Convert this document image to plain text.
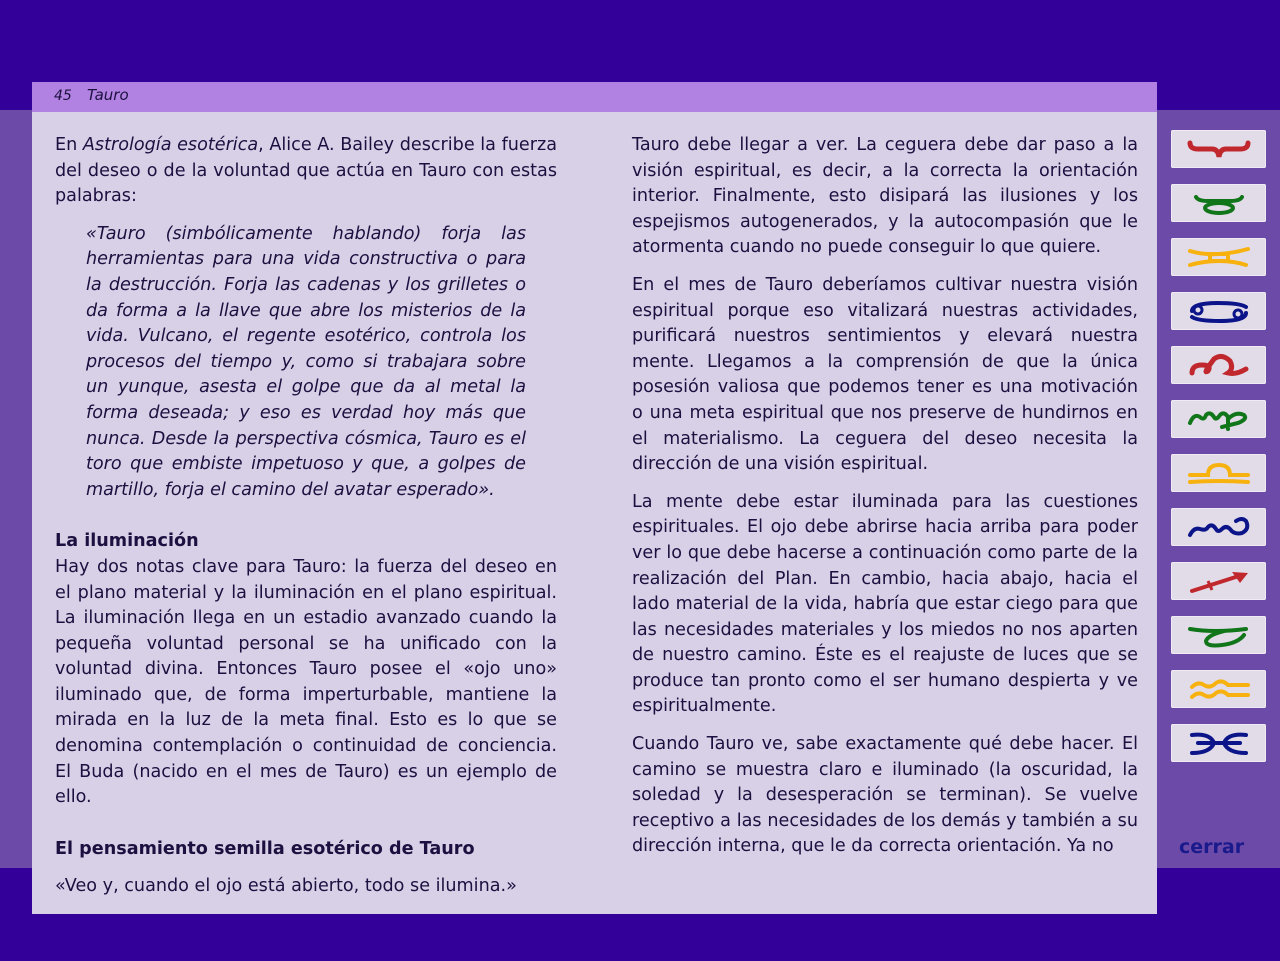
45 Tauro

En Astrología esotérica, Alice A. Bailey describe la fuerza del deseo o de la voluntad que actúa en Tauro con estas palabras:

«Tauro (simbólicamente hablando) forja las herramientas para una vida constructiva o para la destrucción. Forja las cadenas y los grilletes o da forma a la llave que abre los misterios de la vida. Vulcano, el regente esotérico, controla los procesos del tiempo y, como si trabajara sobre un yunque, asesta el golpe que da al metal la forma deseada; y eso es verdad hoy más que nunca. Desde la perspectiva cósmica, Tauro es el toro que embiste impetuoso y que, a golpes de martillo, forja el camino del avatar esperado».

La iluminación

Hay dos notas clave para Tauro: la fuerza del deseo en el plano material y la iluminación en el plano espiritual. La iluminación llega en un estadio avanzado cuando la pequeña voluntad personal se ha unificado con la voluntad divina. Entonces Tauro posee el «ojo uno» iluminado que, de forma imperturbable, mantiene la mirada en la luz de la meta final. Esto es lo que se denomina contemplación o continuidad de conciencia. El Buda (nacido en el mes de Tauro) es un ejemplo de ello.

El pensamiento semilla esotérico de Tauro

«Veo y, cuando el ojo está abierto, todo se ilumina.»

Tauro debe llegar a ver. La ceguera debe dar paso a la visión espiritual, es decir, a la correcta la orientación interior. Finalmente, esto disipará las ilusiones y los espejismos autogenerados, y la autocompasión que le atormenta cuando no puede conseguir lo que quiere.

En el mes de Tauro deberíamos cultivar nuestra visión espiritual porque eso vitalizará nuestras actividades, purificará nuestros sentimientos y elevará nuestra mente. Llegamos a la comprensión de que la única posesión valiosa que podemos tener es una motivación o una meta espiritual que nos preserve de hundirnos en el materialismo. La ceguera del deseo necesita la dirección de una visión espiritual.

La mente debe estar iluminada para las cuestiones espirituales. El ojo debe abrirse hacia arriba para poder ver lo que debe hacerse a continuación como parte de la realización del Plan. En cambio, hacia abajo, hacia el lado material de la vida, habría que estar ciego para que las necesidades materiales y los miedos no nos aparten de nuestro camino. Éste es el reajuste de luces que se produce tan pronto como el ser humano despierta y ve espiritualmente.

Cuando Tauro ve, sabe exactamente qué debe hacer. El camino se muestra claro e iluminado (la oscuridad, la soledad y la desesperación se terminan). Se vuelve receptivo a las necesidades de los demás y también a su dirección interna, que le da correcta orientación. Ya no	cerrar
